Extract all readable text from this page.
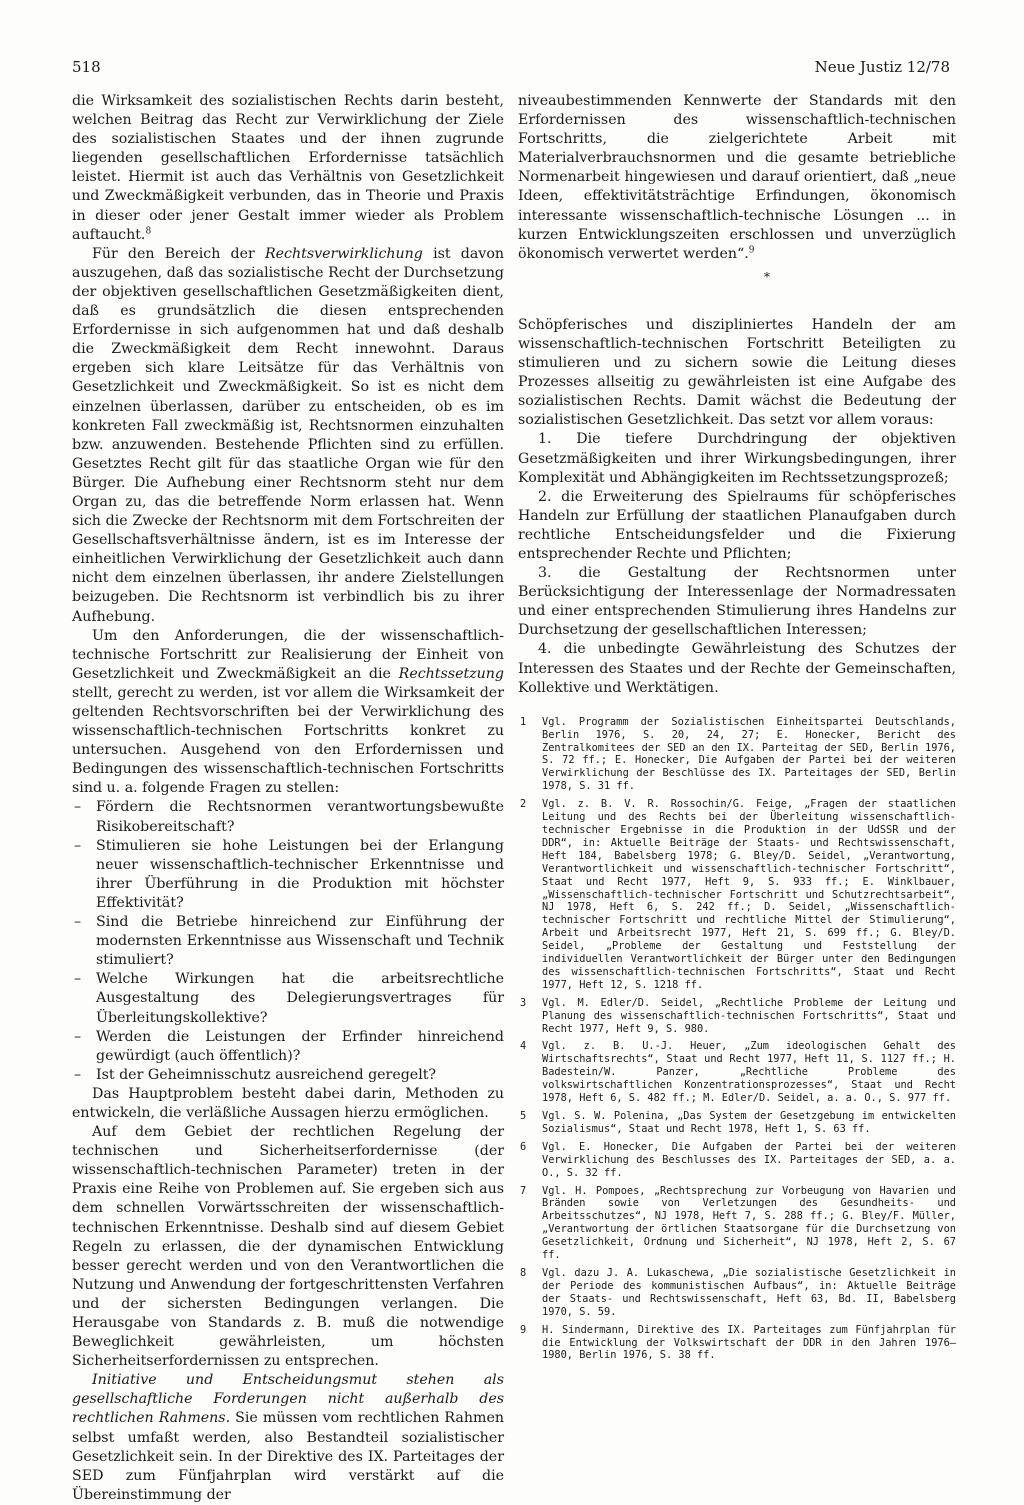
518	Neue Justiz 12/78

die Wirksamkeit des sozialistischen Rechts darin besteht, welchen Beitrag das Recht zur Verwirklichung der Ziele des sozialistischen Staates und der ihnen zugrunde liegenden gesellschaftlichen Erfordernisse tatsächlich leistet. Hiermit ist auch das Verhältnis von Gesetzlichkeit und Zweckmäßigkeit verbunden, das in Theorie und Praxis in dieser oder jener Gestalt immer wieder als Problem auftaucht.$^8$

Für den Bereich der Rechtsverwirklichung ist davon auszugehen, daß das sozialistische Recht der Durchsetzung der objektiven gesellschaftlichen Gesetzmäßigkeiten dient, daß es grundsätzlich die diesen entsprechenden Erfordernisse in sich aufgenommen hat und daß deshalb die Zweckmäßigkeit dem Recht innewohnt. Daraus ergeben sich klare Leitsätze für das Verhältnis von Gesetzlichkeit und Zweckmäßigkeit. So ist es nicht dem einzelnen überlassen, darüber zu entscheiden, ob es im konkreten Fall zweckmäßig ist, Rechtsnormen einzuhalten bzw. anzuwenden. Bestehende Pflichten sind zu erfüllen. Gesetztes Recht gilt für das staatliche Organ wie für den Bürger. Die Aufhebung einer Rechtsnorm steht nur dem Organ zu, das die betreffende Norm erlassen hat. Wenn sich die Zwecke der Rechtsnorm mit dem Fortschreiten der Gesellschaftsverhältnisse ändern, ist es im Interesse der einheitlichen Verwirklichung der Gesetzlichkeit auch dann nicht dem einzelnen überlassen, ihr andere Zielstellungen beizugeben. Die Rechtsnorm ist verbindlich bis zu ihrer Aufhebung.

Um den Anforderungen, die der wissenschaftlich-technische Fortschritt zur Realisierung der Einheit von Gesetzlichkeit und Zweckmäßigkeit an die Rechtssetzung stellt, gerecht zu werden, ist vor allem die Wirksamkeit der geltenden Rechtsvorschriften bei der Verwirklichung des wissenschaftlich-technischen Fortschritts konkret zu untersuchen. Ausgehend von den Erfordernissen und Bedingungen des wissenschaftlich-technischen Fortschritts sind u. a. folgende Fragen zu stellen:

– Fördern die Rechtsnormen verantwortungsbewußte Risikobereitschaft?
– Stimulieren sie hohe Leistungen bei der Erlangung neuer wissenschaftlich-technischer Erkenntnisse und ihrer Überführung in die Produktion mit höchster Effektivität?
– Sind die Betriebe hinreichend zur Einführung der modernsten Erkenntnisse aus Wissenschaft und Technik stimuliert?
– Welche Wirkungen hat die arbeitsrechtliche Ausgestaltung des Delegierungsvertrages für Überleitungskollektive?
– Werden die Leistungen der Erfinder hinreichend gewürdigt (auch öffentlich)?
– Ist der Geheimnisschutz ausreichend geregelt?

Das Hauptproblem besteht dabei darin, Methoden zu entwickeln, die verläßliche Aussagen hierzu ermöglichen.

Auf dem Gebiet der rechtlichen Regelung der technischen und Sicherheitserfordernisse (der wissenschaftlich-technischen Parameter) treten in der Praxis eine Reihe von Problemen auf. Sie ergeben sich aus dem schnellen Vorwärtsschreiten der wissenschaftlich-technischen Erkenntnisse. Deshalb sind auf diesem Gebiet Regeln zu erlassen, die der dynamischen Entwicklung besser gerecht werden und von den Verantwortlichen die Nutzung und Anwendung der fortgeschrittensten Verfahren und der sichersten Bedingungen verlangen. Die Herausgabe von Standards z. B. muß die notwendige Beweglichkeit gewährleisten, um höchsten Sicherheitserfordernissen zu entsprechen.

Initiative und Entscheidungsmut stehen als gesellschaftliche Forderungen nicht außerhalb des rechtlichen Rahmens. Sie müssen vom rechtlichen Rahmen selbst umfaßt werden, also Bestandteil sozialistischer Gesetzlichkeit sein. In der Direktive des IX. Parteitages der SED zum Fünfjahrplan wird verstärkt auf die Übereinstimmung der

niveaubestimmenden Kennwerte der Standards mit den Erfordernissen des wissenschaftlich-technischen Fortschritts, die zielgerichtete Arbeit mit Materialverbrauchsnormen und die gesamte betriebliche Normenarbeit hingewiesen und darauf orientiert, daß „neue Ideen, effektivitätsträchtige Erfindungen, ökonomisch interessante wissenschaftlich-technische Lösungen ... in kurzen Entwicklungszeiten erschlossen und unverzüglich ökonomisch verwertet werden“.$^9$

*

Schöpferisches und diszipliniertes Handeln der am wissenschaftlich-technischen Fortschritt Beteiligten zu stimulieren und zu sichern sowie die Leitung dieses Prozesses allseitig zu gewährleisten ist eine Aufgabe des sozialistischen Rechts. Damit wächst die Bedeutung der sozialistischen Gesetzlichkeit. Das setzt vor allem voraus:

1. Die tiefere Durchdringung der objektiven Gesetzmäßigkeiten und ihrer Wirkungsbedingungen, ihrer Komplexität und Abhängigkeiten im Rechtssetzungsprozeß;
2. die Erweiterung des Spielraums für schöpferisches Handeln zur Erfüllung der staatlichen Planaufgaben durch rechtliche Entscheidungsfelder und die Fixierung entsprechender Rechte und Pflichten;
3. die Gestaltung der Rechtsnormen unter Berücksichtigung der Interessenlage der Normadressaten und einer entsprechenden Stimulierung ihres Handelns zur Durchsetzung der gesellschaftlichen Interessen;
4. die unbedingte Gewährleistung des Schutzes der Interessen des Staates und der Rechte der Gemeinschaften, Kollektive und Werktätigen.
1 Vgl. Programm der Sozialistischen Einheitspartei Deutschlands, Berlin 1976, S. 20, 24, 27; E. Honecker, Bericht des Zentralkomitees der SED an den IX. Parteitag der SED, Berlin 1976, S. 72 ff.; E. Honecker, Die Aufgaben der Partei bei der weiteren Verwirklichung der Beschlüsse des IX. Parteitages der SED, Berlin 1978, S. 31 ff.
2 Vgl. z. B. V. R. Rossochin/G. Feige, „Fragen der staatlichen Leitung und des Rechts bei der Überleitung wissenschaftlich-technischer Ergebnisse in die Produktion in der UdSSR und der DDR“, in: Aktuelle Beiträge der Staats- und Rechtswissenschaft, Heft 184, Babelsberg 1978; G. Bley/D. Seidel, „Verantwortung, Verantwortlichkeit und wissenschaftlich-technischer Fortschritt“, Staat und Recht 1977, Heft 9, S. 933 ff.; E. Winklbauer, „Wissenschaftlich-technischer Fortschritt und Schutzrechtsarbeit“, NJ 1978, Heft 6, S. 242 ff.; D. Seidel, „Wissenschaftlich-technischer Fortschritt und rechtliche Mittel der Stimulierung“, Arbeit und Arbeitsrecht 1977, Heft 21, S. 699 ff.; G. Bley/D. Seidel, „Probleme der Gestaltung und Feststellung der individuellen Verantwortlichkeit der Bürger unter den Bedingungen des wissenschaftlich-technischen Fortschritts“, Staat und Recht 1977, Heft 12, S. 1218 ff.
3 Vgl. M. Edler/D. Seidel, „Rechtliche Probleme der Leitung und Planung des wissenschaftlich-technischen Fortschritts“, Staat und Recht 1977, Heft 9, S. 980.
4 Vgl. z. B. U.-J. Heuer, „Zum ideologischen Gehalt des Wirtschaftsrechts“, Staat und Recht 1977, Heft 11, S. 1127 ff.; H. Badestein/W. Panzer, „Rechtliche Probleme des volkswirtschaftlichen Konzentrationsprozesses“, Staat und Recht 1978, Heft 6, S. 482 ff.; M. Edler/D. Seidel, a. a. O., S. 977 ff.
5 Vgl. S. W. Polenina, „Das System der Gesetzgebung im entwickelten Sozialismus“, Staat und Recht 1978, Heft 1, S. 63 ff.
6 Vgl. E. Honecker, Die Aufgaben der Partei bei der weiteren Verwirklichung des Beschlusses des IX. Parteitages der SED, a. a. O., S. 32 ff.
7 Vgl. H. Pompoes, „Rechtsprechung zur Vorbeugung von Havarien und Bränden sowie von Verletzungen des Gesundheits- und Arbeitsschutzes“, NJ 1978, Heft 7, S. 288 ff.; G. Bley/F. Müller, „Verantwortung der örtlichen Staatsorgane für die Durchsetzung von Gesetzlichkeit, Ordnung und Sicherheit“, NJ 1978, Heft 2, S. 67 ff.
8 Vgl. dazu J. A. Lukaschewa, „Die sozialistische Gesetzlichkeit in der Periode des kommunistischen Aufbaus“, in: Aktuelle Beiträge der Staats- und Rechtswissenschaft, Heft 63, Bd. II, Babelsberg 1970, S. 59.
9 H. Sindermann, Direktive des IX. Parteitages zum Fünfjahrplan für die Entwicklung der Volkswirtschaft der DDR in den Jahren 1976–1980, Berlin 1976, S. 38 ff.
